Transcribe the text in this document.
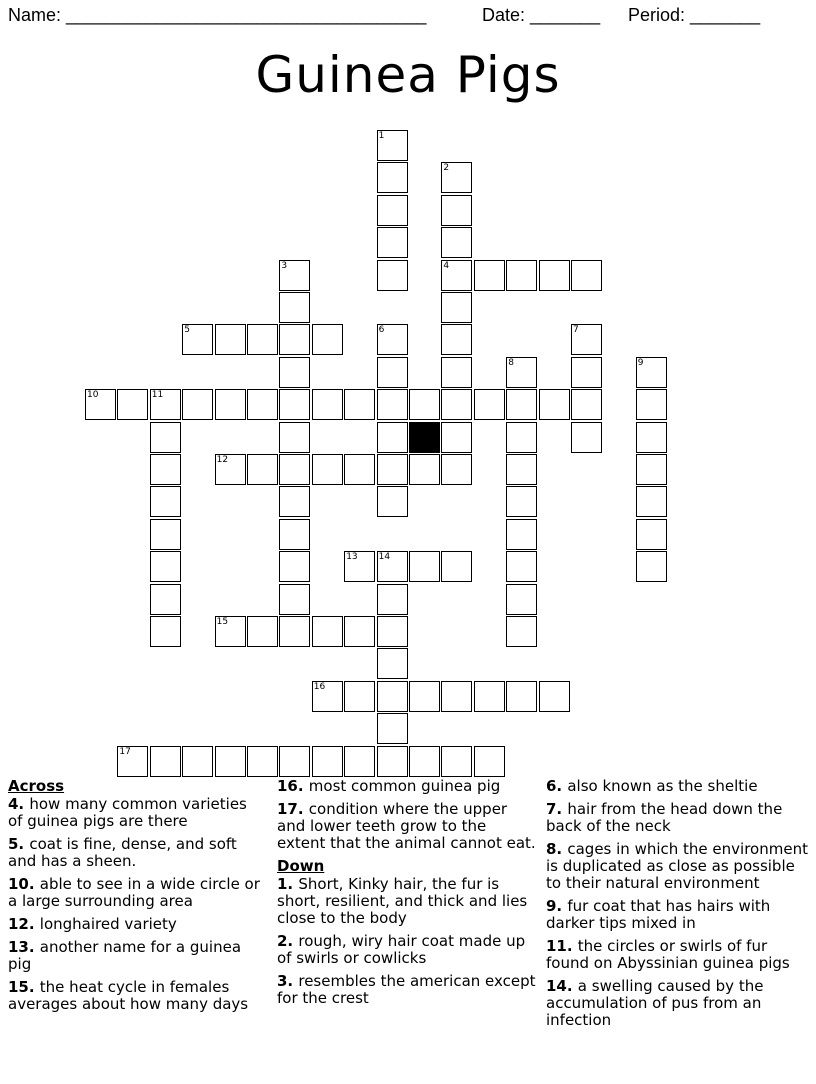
Name: ____________________________________	Date: _______ Period: _______
Guinea Pigs
1
2
4
3
5	6	7
8	9
10	11
12
13 14
15
16
17
Across
4. how many common varieties of guinea pigs are there
5. coat is fine, dense, and soft and has a sheen.
10. able to see in a wide circle or a large surrounding area
12. longhaired variety
13. another name for a guinea pig
15. the heat cycle in females averages about how many days
16. most common guinea pig
17. condition where the upper and lower teeth grow to the extent that the animal cannot eat.
Down
1. Short, Kinky hair, the fur is short, resilient, and thick and lies close to the body
2. rough, wiry hair coat made up of swirls or cowlicks
3. resembles the american except for the crest
6. also known as the sheltie
7. hair from the head down the back of the neck
8. cages in which the environment is duplicated as close as possible to their natural environment
9. fur coat that has hairs with darker tips mixed in
11. the circles or swirls of fur found on Abyssinian guinea pigs
14. a swelling caused by the accumulation of pus from an infection
